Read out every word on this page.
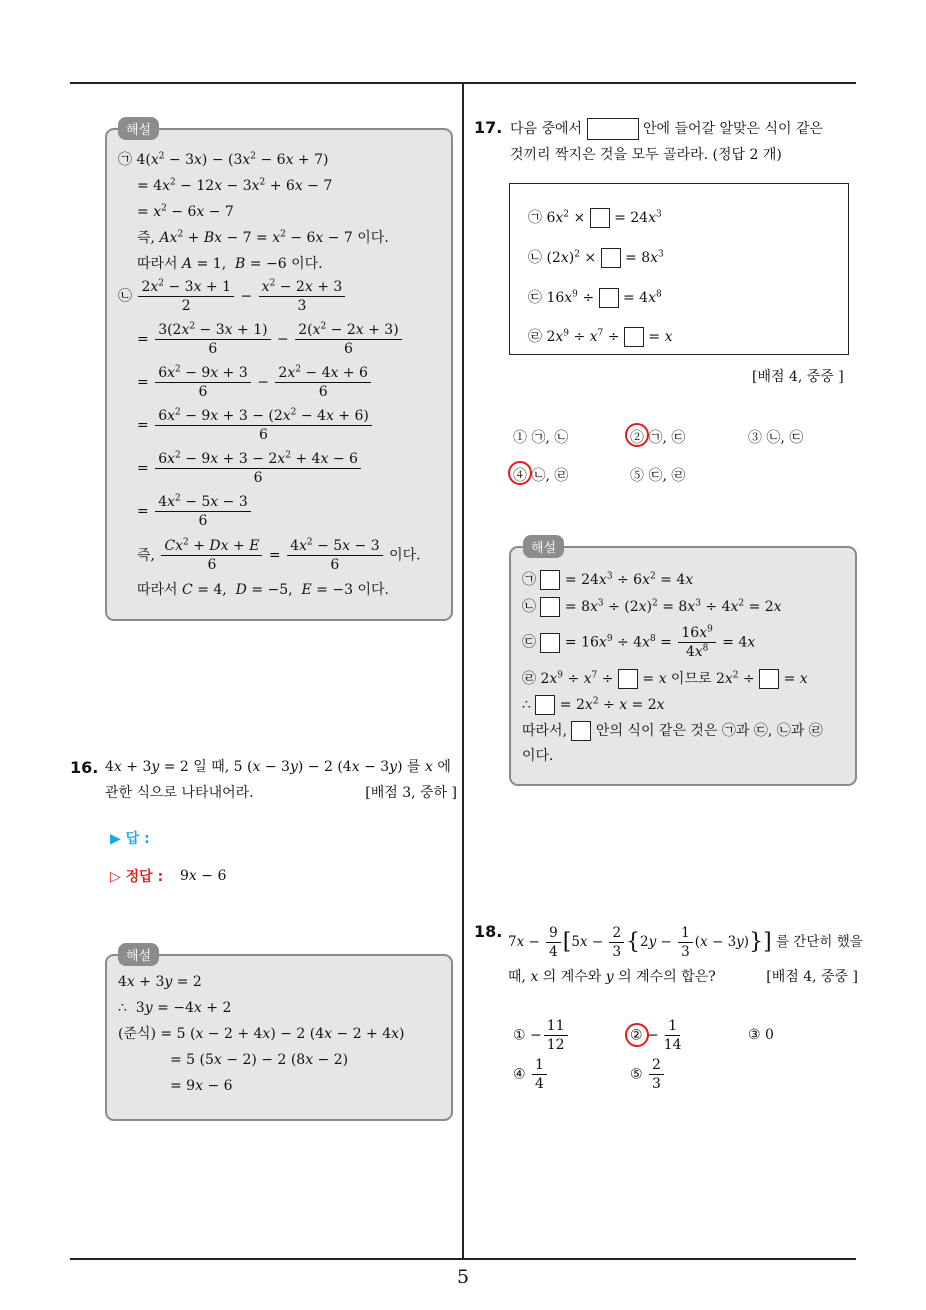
5
해설
㉠ $4(x^2 - 3x) - (3x^2 - 6x + 7)$
= $4x^2 - 12x - 3x^2 + 6x - 7$
= $x^2 - 6x - 7$
즉, $Ax^2 + Bx - 7 = x^2 - 6x - 7$ 이다.
따라서 A = 1,  B = −6 이다.
㉡ $\frac{2x^2 - 3x + 1}{2} - \frac{x^2 - 2x + 3}{3}$
= $\frac{3(2x^2 - 3x + 1)}{6} - \frac{2(x^2 - 2x + 3)}{6}$
= $\frac{6x^2 - 9x + 3}{6} - \frac{2x^2 - 4x + 6}{6}$
= $\frac{6x^2 - 9x + 3 - (2x^2 - 4x + 6)}{6}$
= $\frac{6x^2 - 9x + 3 - 2x^2 + 4x - 6}{6}$
= $\frac{4x^2 - 5x - 3}{6}$
즉, $\frac{Cx^2 + Dx + E}{6} = \frac{4x^2 - 5x - 3}{6}$ 이다.
따라서 C = 4,  D = −5,  E = −3 이다.
16. 4x + 3y = 2 일 때, 5 (x − 3y) − 2 (4x − 3y) 를 x 에
관한 식으로 나타내어라.	[배점 3, 중하 ]
▶ 답 :
▷ 정답 : 9x − 6
해설
4x + 3y = 2
∴  3y = −4x + 2
(준식) = 5 (x − 2 + 4x) − 2 (4x − 2 + 4x)
= 5 (5x − 2) − 2 (8x − 2)
= 9x − 6
17. 다음 중에서	안에 들어갈 알맞은 식이 같은
것끼리 짝지은 것을 모두 골라라. (정답 2 개)
㉠ $6x^2$ ×  = $24x^3$
㉡ $(2x)^2$ ×  = $8x^3$
㉢ $16x^9$ ÷  = $4x^8$
㉣ $2x^9 \div x^7$ ÷  = x
[배점 4, 중중 ]
① ㉠, ㉡	② ㉠, ㉢	③ ㉡, ㉢
④ ㉡, ㉣	⑤ ㉢, ㉣
해설
㉠  = $24x^3 \div 6x^2 = 4x$
㉡  = $8x^3 \div (2x)^2 = 8x^3 \div 4x^2 = 2x$
㉢  = $16x^9 \div 4x^8 = \frac{16x^9}{4x^8} = 4x$
㉣ $2x^9 \div x^7$ ÷  = x 이므로 $2x^2$ ÷  = x
∴  = $2x^2 \div x = 2x$
따라서,  안의 식이 같은 것은 ㉠과 ㉢, ㉡과 ㉣
이다.
18.
$7x - \frac{9}{4} [5x - \frac{2}{3} \{2y - \frac{1}{3} (x - 3y)\}]$ 를 간단히 했을
때, x 의 계수와 y 의 계수의 합은?	[배점 4, 중중 ]
① − $\frac{11}{12}$	② − $\frac{1}{14}$	③ 0
④ $\frac{1}{4}$	⑤ $\frac{2}{3}$
